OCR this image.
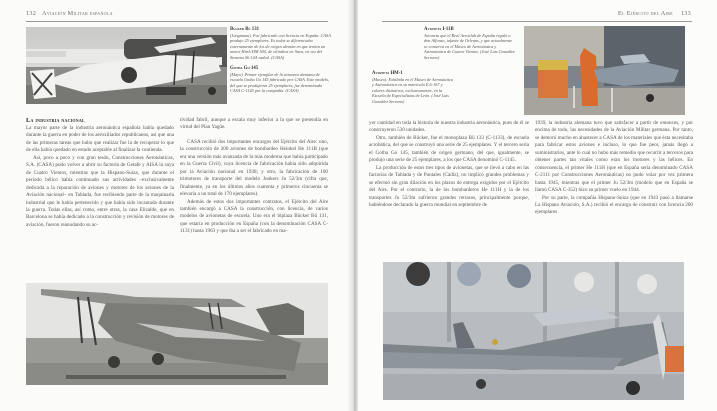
132 Aviación Militar española
Bücker Bü 131
(Jungmann). Fue fabricado con licencia en España. CASA produjo 25 ejemplares. Es todos se diferenciaba externamente de los de origen alemán en que tenían un motor Hirth HM 504, de cilindros en línea, en vez del Siemens Sh 14A radial. (CASA)
Gotha Go 145
(Mayo). Primer ejemplar de la avioneta alemana de escuela Gotha Go 145 fabricado por CASA. Este modelo, del que se produjeron 25 ejemplares, fue denominado CASA C-1145 por la compañía. (CASA)
La industria nacional

La mayor parte de la industria aeronáutica española había quedado durante la guerra en poder de los aeroxiliados republicanos, así que una de las primeras tareas que hubo que realizar fue la de recuperar lo que de ella había quedado en estado aceptable al finalizar la contienda.

Así, poco a poco y con gran tesón, Construcciones Aeronáuticas, S.A. (CASA) pudo volver a abrir su factoría de Getafe y AISA la suya de Cuatro Vientos, mientras que la Hispano-Suiza, que durante el período bélico había continuado sus actividades –exclusivamente dedicada a la reparación de aviones y motores de los aviones de la Aviación nacional– en Tablada, fue recibiendo parte de la maquinaria industrial que le había pertenecido y que había sido incautada durante la guerra. Todas ellas, así como, entre otras, la casa Elizalde, que en Barcelona se había dedicado a la construcción y revisión de motores de aviación, fueron reanudando su ac-

tividad fabril, aunque a escala muy inferior a la que se pretendía en virtud del Plan Yagüe.

CASA recibió dos importantes encargos del Ejército del Aire: uno, la construcción de 200 aviones de bombardeo Heinkel He 111B (que era una versión más avanzada de la más moderna que había participado en la Guerra Civil), cuya licencia de fabricación había sido adquirida por la Aviación nacional en 1938; y otro, la fabricación de 100 trimotores de transporte del modelo Junkers Ju 52/3m (cifra que, finalmente, ya en los últimos años cuarenta y primeros cincuenta se elevaría a un total de 170 ejemplares).

Además de estos dos importantes contratos, el Ejército del Aire también encargó a CASA la construcción, con licencia, de varios modelos de avionetas de escuela. Uno era el biplaza Bücker Bü 131, que estaría en producción en España (con la denominación CASA C-1131) hasta 1963 y que iba a ser el fabricado en ma-

El Ejército del Aire 133
Avioneta I-11B
Avioneta que el Real Aeroclub de España regaló a don Alfonso, infante de Orleans, y que actualmente se conserva en el Museo de Aeronáutica y Astronáutica de Cuatro Vientos. (José Luis González Serrano)
Avioneta HM-1
(Museo). Exhibida en el Museo de Aeronáutica y Astronáutica en su matrícula E.6-167 y colores distintivos, exclusivamente, en la Escuela de Especialistas de León. (José Luis González Serrano)

yor cantidad en toda la historia de nuestra industria aeronáutica, pues de él se construyeron 530 unidades.

Otro, también de Bücker, fue el monoplaza Bü 133 (C-1133), de escuela acrobática, del que se construyó una serie de 25 ejemplares. Y el tercero sería el Gotha Go 145, también de origen germano, del que, igualmente, se produjo una serie de 25 ejemplares, a los que CASA denominó C-1145.

La producción de estos tres tipos de avionetas, que se llevó a cabo en las factorías de Tablada y de Puntales (Cádiz), no implicó grandes problemas y se efectuó sin gran dilación en los plazos de entrega exigidos por el Ejército del Aire. Por el contrario, la de los bombarderos He 111H y la de los transportes Ju 52/3m sufrieron grandes retrasos, principalmente porque, habiéndose declarado la guerra mundial en septiembre de

1939, la industria alemana tuvo que satisfacer a partir de entonces, y por encima de todo, las necesidades de la Aviación Militar germana. Por tanto, se demoró mucho en abastecer a CASA de los materiales que ésta necesitaba para fabricar estos aviones e incluso, lo que fue peor, jamás llegó a suministrarlos, ante lo cual no hubo más remedio que recurrir a terceros para obtener partes tan vitales como eran los motores y las hélices. En consecuencia, el primer He 111H (que en España sería denominado CASA C-2111 por Construcciones Aeronáuticas) no pudo volar por vez primera hasta 1945, mientras que el primer Ju 52/3m (modelo que en España se llamó CASA C-352) hizo su primer vuelo en 1944.

Por su parte, la compañía Hispano-Suiza (que en 1943 pasó a llamarse La Hispano Aviación, S.A.) recibió el encargo de construir con licencia 200 ejemplares
